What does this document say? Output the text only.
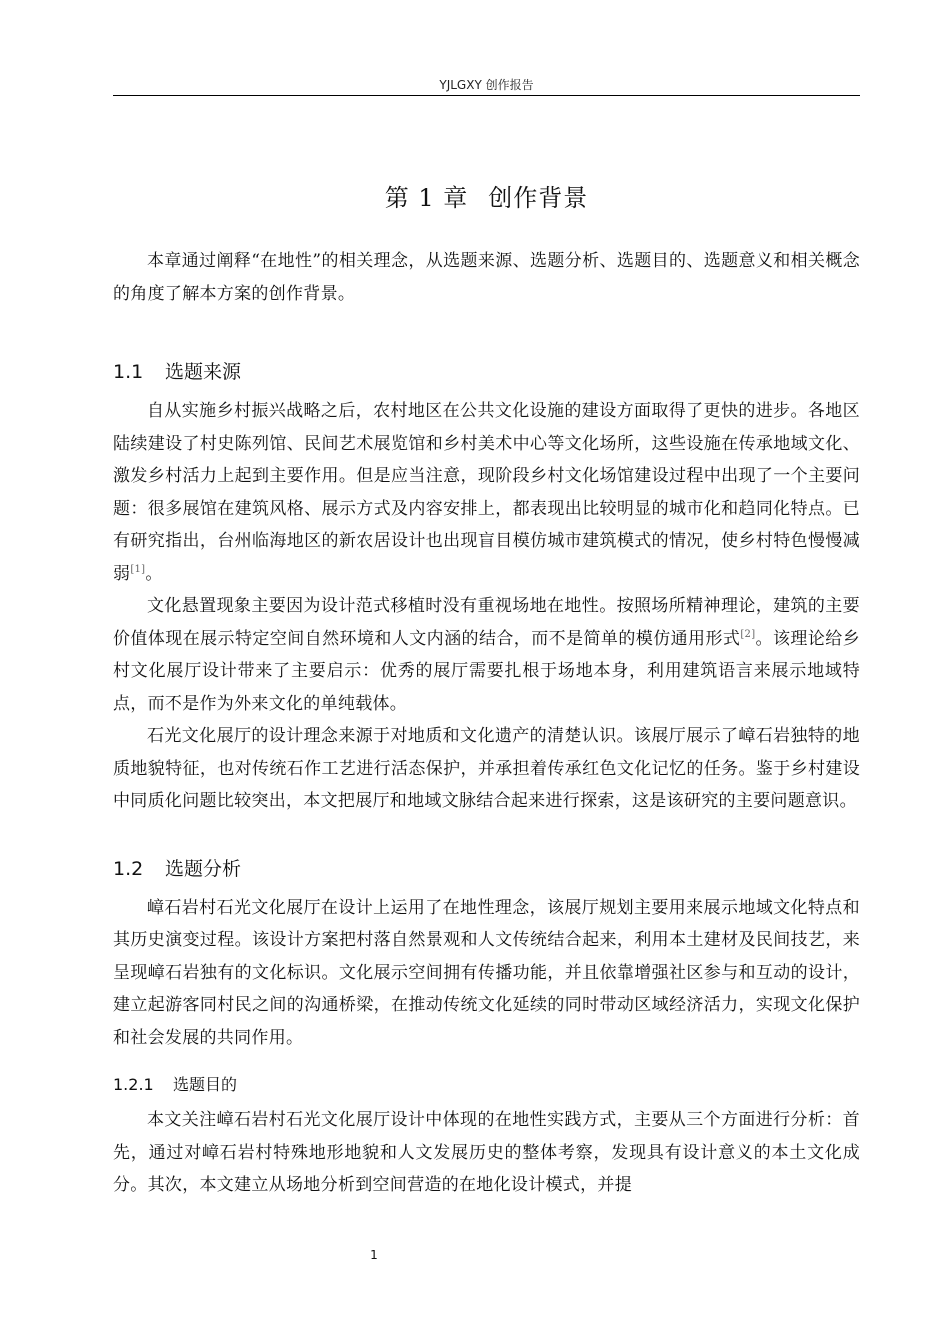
YJLGXY 创作报告
第 1 章 创作背景

本章通过阐释“在地性”的相关理念，从选题来源、选题分析、选题目的、选题意义和相关概念的角度了解本方案的创作背景。

1.1 选题来源

自从实施乡村振兴战略之后，农村地区在公共文化设施的建设方面取得了更快的进步。各地区陆续建设了村史陈列馆、民间艺术展览馆和乡村美术中心等文化场所，这些设施在传承地域文化、激发乡村活力上起到主要作用。但是应当注意，现阶段乡村文化场馆建设过程中出现了一个主要问题：很多展馆在建筑风格、展示方式及内容安排上，都表现出比较明显的城市化和趋同化特点。已有研究指出，台州临海地区的新农居设计也出现盲目模仿城市建筑模式的情况，使乡村特色慢慢减弱[1]。

文化悬置现象主要因为设计范式移植时没有重视场地在地性。按照场所精神理论，建筑的主要价值体现在展示特定空间自然环境和人文内涵的结合，而不是简单的模仿通用形式[2]。该理论给乡村文化展厅设计带来了主要启示：优秀的展厅需要扎根于场地本身，利用建筑语言来展示地域特点，而不是作为外来文化的单纯载体。

石光文化展厅的设计理念来源于对地质和文化遗产的清楚认识。该展厅展示了嶂石岩独特的地质地貌特征，也对传统石作工艺进行活态保护，并承担着传承红色文化记忆的任务。鉴于乡村建设中同质化问题比较突出，本文把展厅和地域文脉结合起来进行探索，这是该研究的主要问题意识。

1.2 选题分析

嶂石岩村石光文化展厅在设计上运用了在地性理念，该展厅规划主要用来展示地域文化特点和其历史演变过程。该设计方案把村落自然景观和人文传统结合起来，利用本土建材及民间技艺，来呈现嶂石岩独有的文化标识。文化展示空间拥有传播功能，并且依靠增强社区参与和互动的设计，建立起游客同村民之间的沟通桥梁，在推动传统文化延续的同时带动区域经济活力，实现文化保护和社会发展的共同作用。

1.2.1 选题目的

本文关注嶂石岩村石光文化展厅设计中体现的在地性实践方式，主要从三个方面进行分析：首先，通过对嶂石岩村特殊地形地貌和人文发展历史的整体考察，发现具有设计意义的本土文化成分。其次，本文建立从场地分析到空间营造的在地化设计模式，并提

1
